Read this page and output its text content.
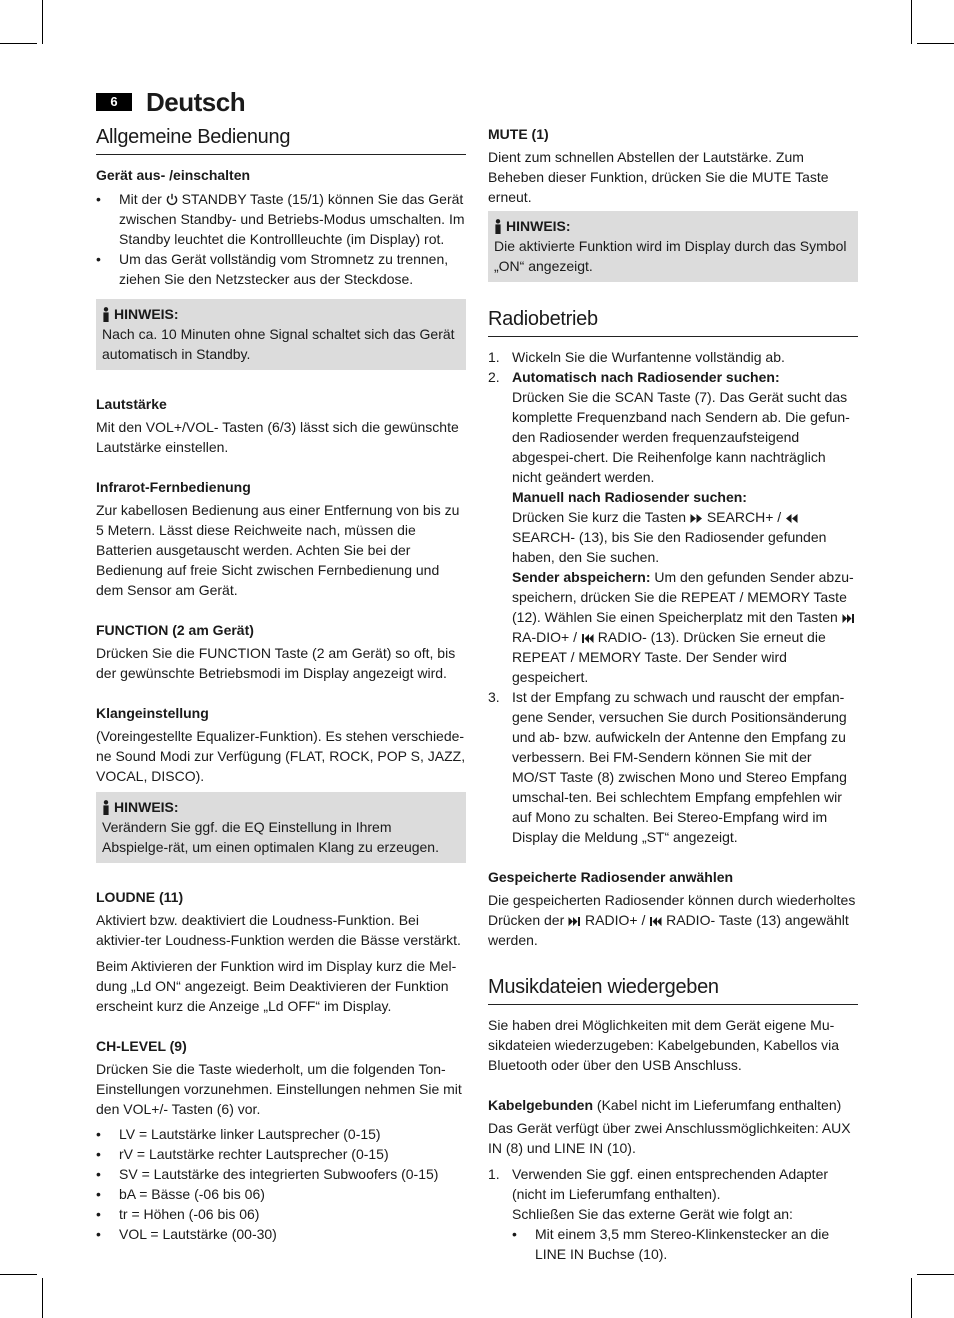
6	Deutsch
Allgemeine Bedienung
Gerät aus- /einschalten
• Mit der  STANDBY Taste (15/1) können Sie das Gerät zwischen Standby- und Betriebs-Modus umschalten. Im Standby leuchtet die Kontrollleuchte (im Display) rot.
• Um das Gerät vollständig vom Stromnetz zu trennen, ziehen Sie den Netzstecker aus der Steckdose.
HINWEIS:

Nach ca. 10 Minuten ohne Signal schaltet sich das Gerät automatisch in Standby.

Lautstärke

Mit den VOL+/VOL- Tasten (6/3) lässt sich die gewünschte Lautstärke einstellen.

Infrarot-Fernbedienung

Zur kabellosen Bedienung aus einer Entfernung von bis zu 5 Metern. Lässt diese Reichweite nach, müssen die Batterien ausgetauscht werden. Achten Sie bei der Bedienung auf freie Sicht zwischen Fernbedienung und dem Sensor am Gerät.

FUNCTION (2 am Gerät)

Drücken Sie die FUNCTION Taste (2 am Gerät) so oft, bis der gewünschte Betriebsmodi im Display angezeigt wird.

Klangeinstellung

(Voreingestellte Equalizer-Funktion). Es stehen verschiede-ne Sound Modi zur Verfügung (FLAT, ROCK, POP S, JAZZ, VOCAL, DISCO).

HINWEIS:

Verändern Sie ggf. die EQ Einstellung in Ihrem Abspielge-rät, um einen optimalen Klang zu erzeugen.

LOUDNE (11)

Aktiviert bzw. deaktiviert die Loudness-Funktion. Bei aktivier-ter Loudness-Funktion werden die Bässe verstärkt.

Beim Aktivieren der Funktion wird im Display kurz die Mel-dung „Ld ON“ angezeigt. Beim Deaktivieren der Funktion erscheint kurz die Anzeige „Ld OFF“ im Display.

CH-LEVEL (9)

Drücken Sie die Taste wiederholt, um die folgenden Ton-Einstellungen vorzunehmen. Einstellungen nehmen Sie mit den VOL+/- Tasten (6) vor.

• LV = Lautstärke linker Lautsprecher (0-15)
• rV = Lautstärke rechter Lautsprecher (0-15)
• SV = Lautstärke des integrierten Subwoofers (0-15)
• bA = Bässe (-06 bis 06)
• tr = Höhen (-06 bis 06)
• VOL = Lautstärke (00-30)
MUTE (1)

Dient zum schnellen Abstellen der Lautstärke. Zum Beheben dieser Funktion, drücken Sie die MUTE Taste erneut.

HINWEIS:

Die aktivierte Funktion wird im Display durch das Symbol „ON“ angezeigt.

Radiobetrieb
1. Wickeln Sie die Wurfantenne vollständig ab.
2. Automatisch nach Radiosender suchen:
Drücken Sie die SCAN Taste (7). Das Gerät sucht das komplette Frequenzband nach Sendern ab. Die gefun-den Radiosender werden frequenzaufsteigend abgespei-chert. Die Reihenfolge kann nachträglich nicht geändert werden.
Manuell nach Radiosender suchen:
Drücken Sie kurz die Tasten  SEARCH+ /  SEARCH- (13), bis Sie den Radiosender gefunden haben, den Sie suchen.
Sender abspeichern: Um den gefunden Sender abzu-speichern, drücken Sie die REPEAT / MEMORY Taste (12). Wählen Sie einen Speicherplatz mit den Tasten  RA-DIO+ /  RADIO- (13). Drücken Sie erneut die REPEAT / MEMORY Taste. Der Sender wird gespeichert.
3. Ist der Empfang zu schwach und rauscht der empfan-gene Sender, versuchen Sie durch Positionsänderung und ab- bzw. aufwickeln der Antenne den Empfang zu verbessern. Bei FM-Sendern können Sie mit der MO/ST Taste (8) zwischen Mono und Stereo Empfang umschal-ten. Bei schlechtem Empfang empfehlen wir auf Mono zu schalten. Bei Stereo-Empfang wird im Display die Meldung „ST“ angezeigt.
Gespeicherte Radiosender anwählen

Die gespeicherten Radiosender können durch wiederholtes Drücken der  RADIO+ /  RADIO- Taste (13) angewählt werden.

Musikdateien wiedergeben

Sie haben drei Möglichkeiten mit dem Gerät eigene Mu-sikdateien wiederzugeben: Kabelgebunden, Kabellos via Bluetooth oder über den USB Anschluss.

Kabelgebunden (Kabel nicht im Lieferumfang enthalten)

Das Gerät verfügt über zwei Anschlussmöglichkeiten: AUX IN (8) und LINE IN (10).

1. Verwenden Sie ggf. einen entsprechenden Adapter (nicht im Lieferumfang enthalten).
Schließen Sie das externe Gerät wie folgt an:
• Mit einem 3,5 mm Stereo-Klinkenstecker an die LINE IN Buchse (10).
